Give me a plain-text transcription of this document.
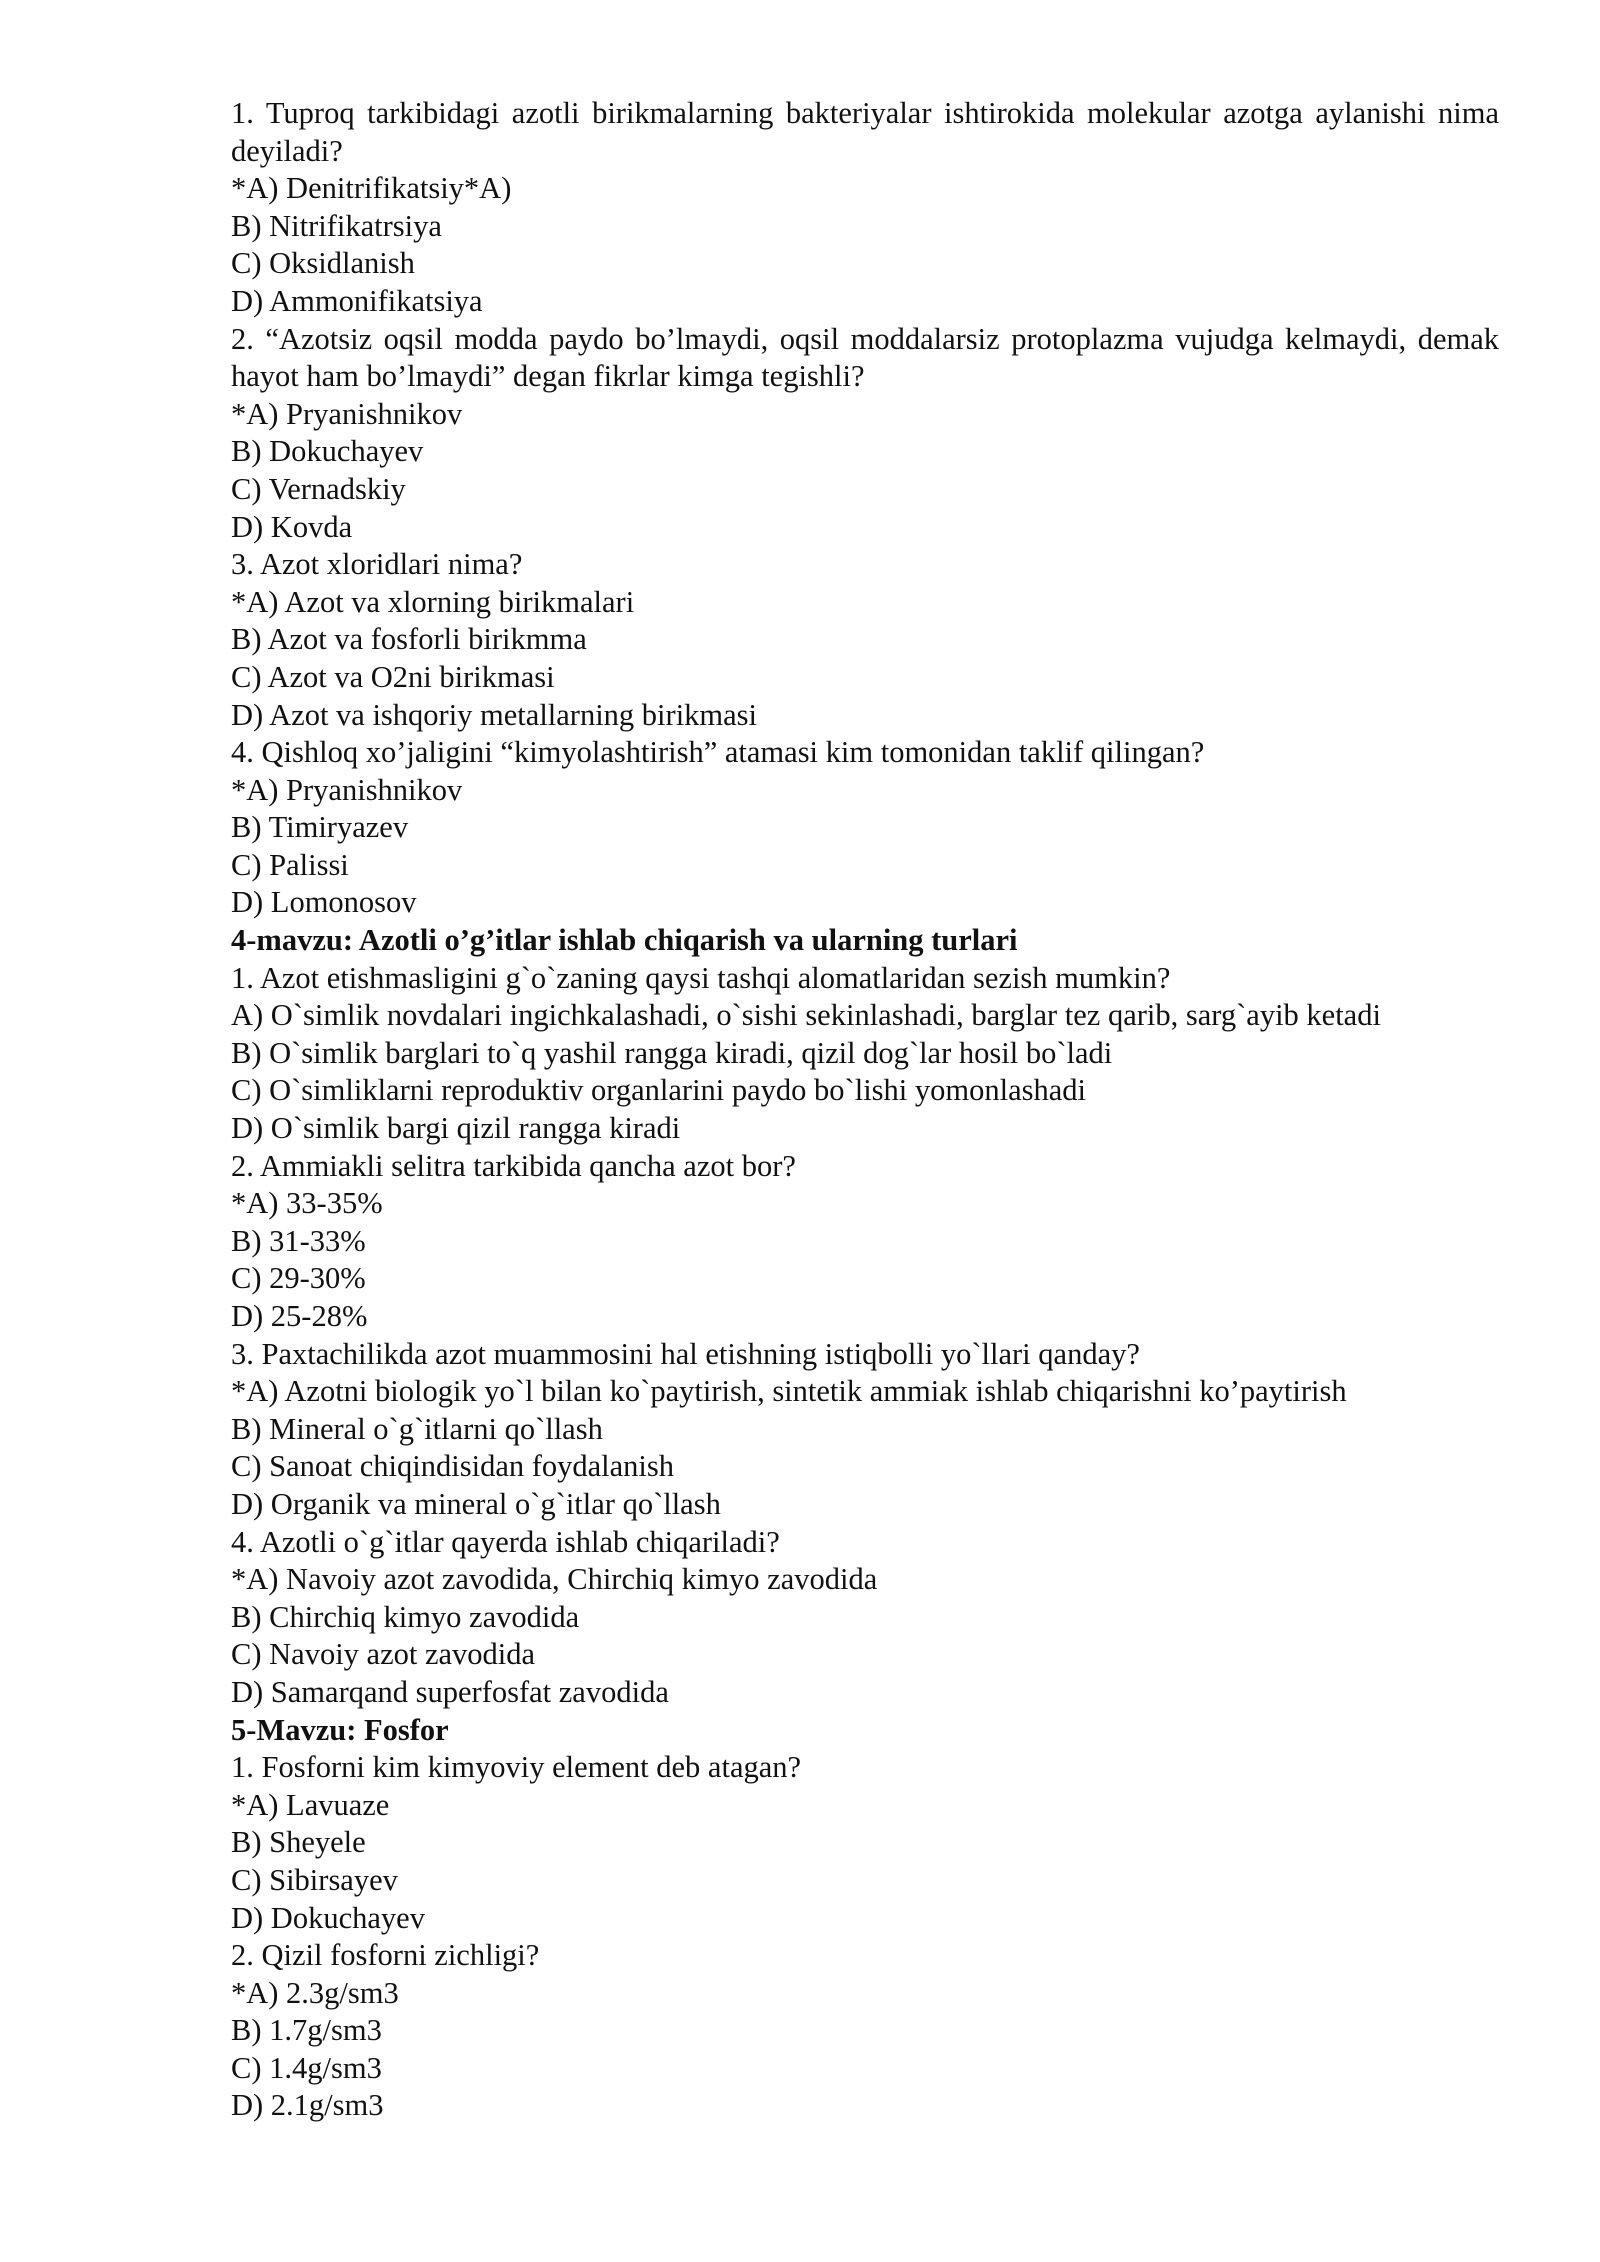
1. Tuproq tarkibidagi azotli birikmalarning bakteriyalar ishtirokida molekular azotga aylanishi nima deyiladi?
*A) Denitrifikatsiy*A)
B) Nitrifikatrsiya
C) Oksidlanish
D) Ammonifikatsiya
2. “Azotsiz oqsil modda paydo bo’lmaydi, oqsil moddalarsiz protoplazma vujudga kelmaydi, demak hayot ham bo’lmaydi” degan fikrlar kimga tegishli?
*A) Pryanishnikov
B) Dokuchayev
C) Vernadskiy
D) Kovda
3. Azot xloridlari nima?
*A) Azot va xlorning birikmalari
B) Azot va fosforli birikmma
C) Azot va O2ni birikmasi
D) Azot va ishqoriy metallarning birikmasi
4. Qishloq xo’jaligini “kimyolashtirish” atamasi kim tomonidan taklif qilingan?
*A) Pryanishnikov
B) Timiryazev
C) Palissi
D) Lomonosov
4-mavzu: Azotli o’g’itlar ishlab chiqarish va ularning turlari
1. Azot etishmasligini g`o`zaning qaysi tashqi alomatlaridan sezish mumkin?
A) O`simlik novdalari ingichkalashadi, o`sishi sekinlashadi, barglar tez qarib, sarg`ayib ketadi
B) O`simlik barglari to`q yashil rangga kiradi, qizil dog`lar hosil bo`ladi
C) O`simliklarni reproduktiv organlarini paydo bo`lishi yomonlashadi
D) O`simlik bargi qizil rangga kiradi
2. Ammiakli selitra tarkibida qancha azot bor?
*A) 33-35%
B) 31-33%
C) 29-30%
D) 25-28%
3. Paxtachilikda azot muammosini hal etishning istiqbolli yo`llari qanday?
*A) Azotni biologik yo`l bilan ko`paytirish, sintetik ammiak ishlab chiqarishni ko’paytirish
B) Mineral o`g`itlarni qo`llash
C) Sanoat chiqindisidan foydalanish
D) Organik va mineral o`g`itlar qo`llash
4. Azotli o`g`itlar qayerda ishlab chiqariladi?
*A) Navoiy azot zavodida, Chirchiq kimyo zavodida
B) Chirchiq kimyo zavodida
C) Navoiy azot zavodida
D) Samarqand superfosfat zavodida
5-Mavzu: Fosfor
1. Fosforni kim kimyoviy element deb atagan?
*A) Lavuaze
B) Sheyele
C) Sibirsayev
D) Dokuchayev
2. Qizil fosforni zichligi?
*A) 2.3g/sm3
B) 1.7g/sm3
C) 1.4g/sm3
D) 2.1g/sm3
